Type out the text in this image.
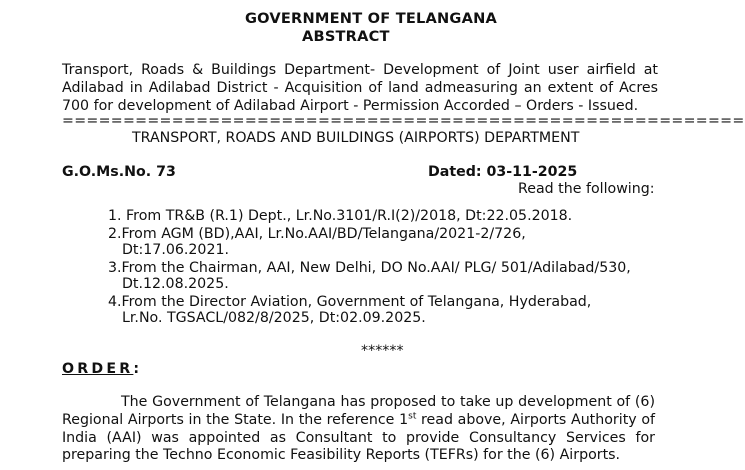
GOVERNMENT OF TELANGANA
ABSTRACT
Transport, Roads & Buildings Department- Development of Joint user airfield at
Adilabad in Adilabad District - Acquisition of land admeasuring an extent of Acres
700 for development of Adilabad Airport - Permission Accorded – Orders - Issued.
========================================================
TRANSPORT, ROADS AND BUILDINGS (AIRPORTS) DEPARTMENT
G.O.Ms.No. 73	Dated: 03-11-2025
Read the following:
1. From TR&B (R.1) Dept., Lr.No.3101/R.I(2)/2018, Dt:22.05.2018.
2.From AGM (BD),AAI, Lr.No.AAI/BD/Telangana/2021-2/726,
Dt:17.06.2021.
3.From the Chairman, AAI, New Delhi, DO No.AAI/ PLG/ 501/Adilabad/530,
Dt.12.08.2025.
4.From the Director Aviation, Government of Telangana, Hyderabad,
Lr.No. TGSACL/082/8/2025, Dt:02.09.2025.
******
ORDER:
The Government of Telangana has proposed to take up development of (6)
Regional Airports in the State. In the reference 1st read above, Airports Authority of
India (AAI) was appointed as Consultant to provide Consultancy Services for
preparing the Techno Economic Feasibility Reports (TEFRs) for the (6) Airports.
